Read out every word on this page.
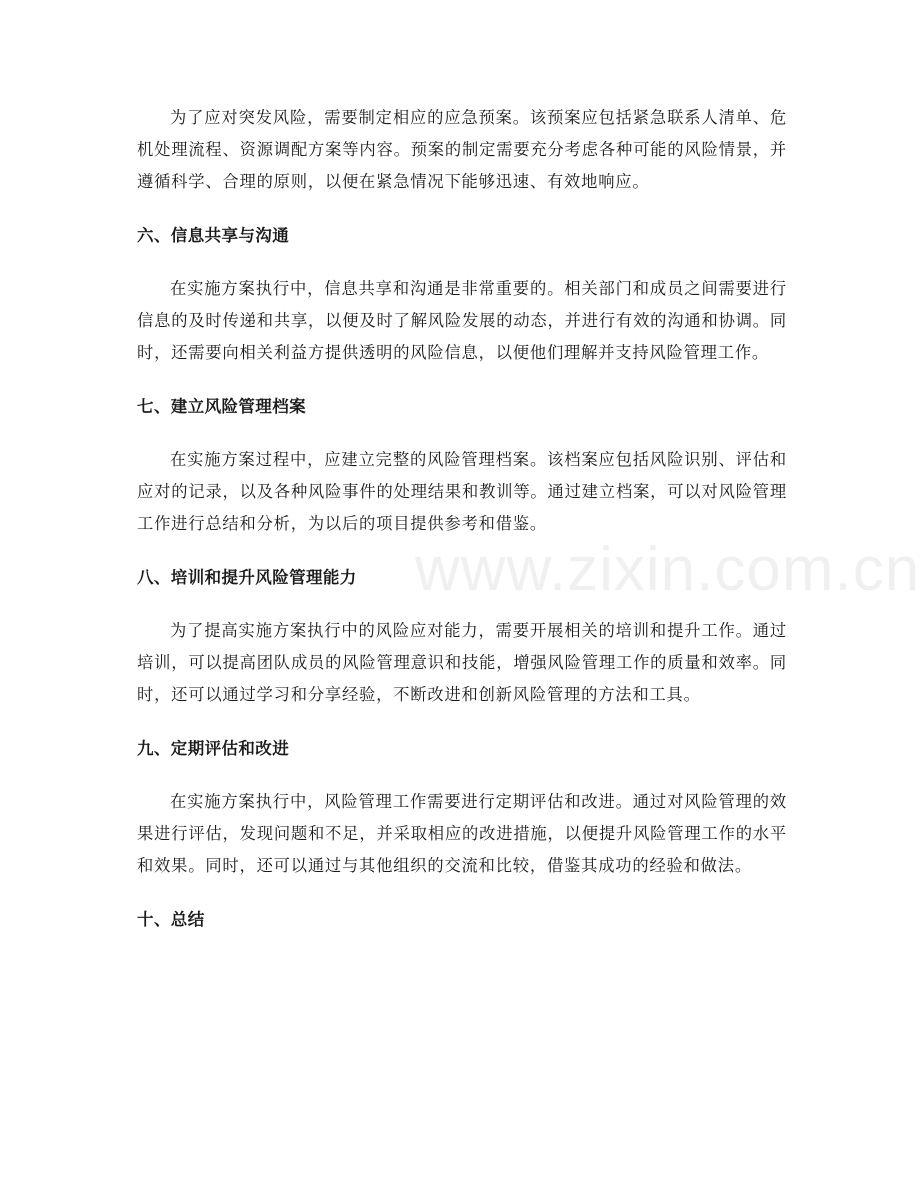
www.zixin.com.cn

为了应对突发风险，需要制定相应的应急预案。该预案应包括紧急联系人清单、危机处理流程、资源调配方案等内容。预案的制定需要充分考虑各种可能的风险情景，并遵循科学、合理的原则，以便在紧急情况下能够迅速、有效地响应。

六、信息共享与沟通

在实施方案执行中，信息共享和沟通是非常重要的。相关部门和成员之间需要进行信息的及时传递和共享，以便及时了解风险发展的动态，并进行有效的沟通和协调。同时，还需要向相关利益方提供透明的风险信息，以便他们理解并支持风险管理工作。

七、建立风险管理档案

在实施方案过程中，应建立完整的风险管理档案。该档案应包括风险识别、评估和应对的记录，以及各种风险事件的处理结果和教训等。通过建立档案，可以对风险管理工作进行总结和分析，为以后的项目提供参考和借鉴。

八、培训和提升风险管理能力

为了提高实施方案执行中的风险应对能力，需要开展相关的培训和提升工作。通过培训，可以提高团队成员的风险管理意识和技能，增强风险管理工作的质量和效率。同时，还可以通过学习和分享经验，不断改进和创新风险管理的方法和工具。

九、定期评估和改进

在实施方案执行中，风险管理工作需要进行定期评估和改进。通过对风险管理的效果进行评估，发现问题和不足，并采取相应的改进措施，以便提升风险管理工作的水平和效果。同时，还可以通过与其他组织的交流和比较，借鉴其成功的经验和做法。

十、总结
